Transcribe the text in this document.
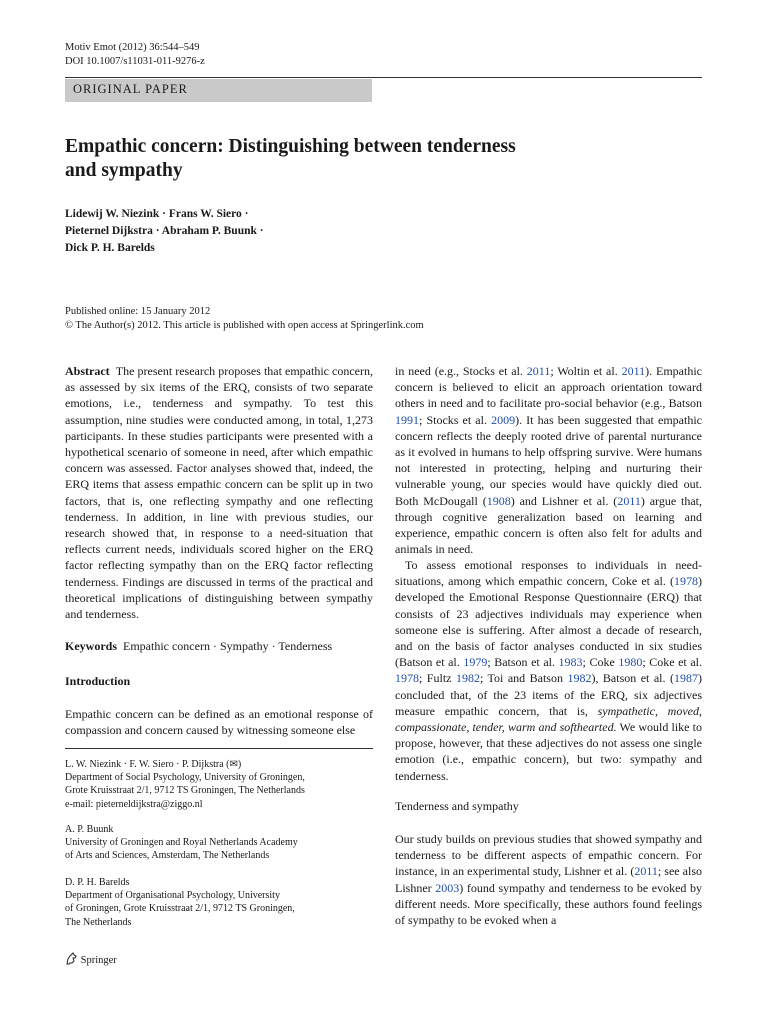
Motiv Emot (2012) 36:544–549
DOI 10.1007/s11031-011-9276-z
ORIGINAL PAPER
Empathic concern: Distinguishing between tenderness
and sympathy
Lidewij W. Niezink · Frans W. Siero ·
Pieternel Dijkstra · Abraham P. Buunk ·
Dick P. H. Barelds
Published online: 15 January 2012
© The Author(s) 2012. This article is published with open access at Springerlink.com

Abstract The present research proposes that empathic concern, as assessed by six items of the ERQ, consists of two separate emotions, i.e., tenderness and sympathy. To test this assumption, nine studies were conducted among, in total, 1,273 participants. In these studies participants were presented with a hypothetical scenario of someone in need, after which empathic concern was assessed. Factor analyses showed that, indeed, the ERQ items that assess empathic concern can be split up in two factors, that is, one reflecting sympathy and one reflecting tenderness. In addition, in line with previous studies, our research showed that, in response to a need-situation that reflects current needs, individuals scored higher on the ERQ factor reflecting sympathy than on the ERQ factor reflecting tenderness. Findings are discussed in terms of the practical and theoretical implications of distinguishing between sympathy and tenderness.

Keywords Empathic concern · Sympathy · Tenderness

Introduction

Empathic concern can be defined as an emotional response of compassion and concern caused by witnessing someone else

L. W. Niezink · F. W. Siero · P. Dijkstra (✉)
Department of Social Psychology, University of Groningen,
Grote Kruisstraat 2/1, 9712 TS Groningen, The Netherlands
e-mail: pieterneldijkstra@ziggo.nl
A. P. Buunk
University of Groningen and Royal Netherlands Academy
of Arts and Sciences, Amsterdam, The Netherlands
D. P. H. Barelds
Department of Organisational Psychology, University
of Groningen, Grote Kruisstraat 2/1, 9712 TS Groningen,
The Netherlands

in need (e.g., Stocks et al. 2011; Woltin et al. 2011). Empathic concern is believed to elicit an approach orientation toward others in need and to facilitate pro-social behavior (e.g., Batson 1991; Stocks et al. 2009). It has been suggested that empathic concern reflects the deeply rooted drive of parental nurturance as it evolved in humans to help offspring survive. Were humans not interested in protecting, helping and nurturing their vulnerable young, our species would have quickly died out. Both McDougall (1908) and Lishner et al. (2011) argue that, through cognitive generalization based on learning and experience, empathic concern is often also felt for adults and animals in need.

To assess emotional responses to individuals in need-situations, among which empathic concern, Coke et al. (1978) developed the Emotional Response Questionnaire (ERQ) that consists of 23 adjectives individuals may experience when someone else is suffering. After almost a decade of research, and on the basis of factor analyses conducted in six studies (Batson et al. 1979; Batson et al. 1983; Coke 1980; Coke et al. 1978; Fultz 1982; Toi and Batson 1982), Batson et al. (1987) concluded that, of the 23 items of the ERQ, six adjectives measure empathic concern, that is, sympathetic, moved, compassionate, tender, warm and softhearted. We would like to propose, however, that these adjectives do not assess one single emotion (i.e., empathic concern), but two: sympathy and tenderness.

Tenderness and sympathy

Our study builds on previous studies that showed sympathy and tenderness to be different aspects of empathic concern. For instance, in an experimental study, Lishner et al. (2011; see also Lishner 2003) found sympathy and tenderness to be evoked by different needs. More specifically, these authors found feelings of sympathy to be evoked when a

Springer
